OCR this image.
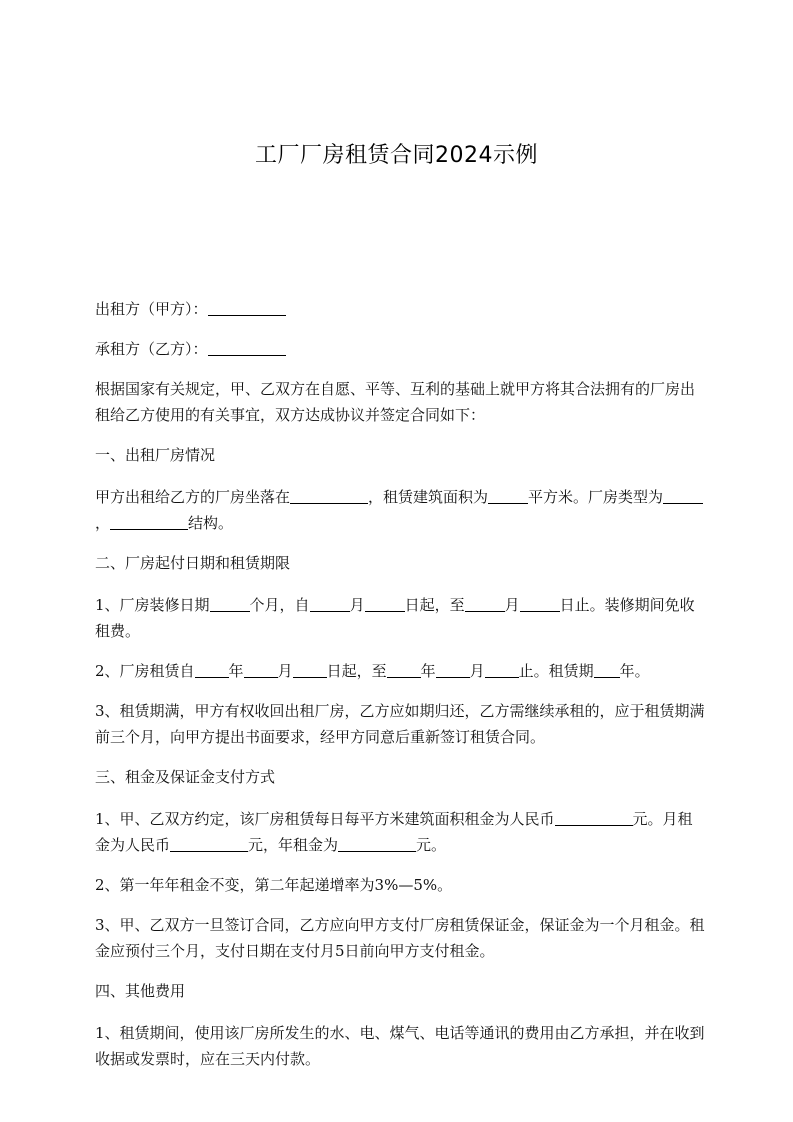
工厂厂房租赁合同2024示例

出租方（甲方）：

承租方（乙方）：

根据国家有关规定，甲、乙双方在自愿、平等、互利的基础上就甲方将其合法拥有的厂房出租给乙方使用的有关事宜，双方达成协议并签定合同如下：

一、出租厂房情况

甲方出租给乙方的厂房坐落在	，租赁建筑面积为	平方米。厂房类型为，	结构。

二、厂房起付日期和租赁期限

1、厂房装修日期	个月，自	月	日起，至	月	日止。装修期间免收租费。

2、厂房租赁自 年 月 日起，至 年 月 止。租赁期 年。

3、租赁期满，甲方有权收回出租厂房，乙方应如期归还，乙方需继续承租的，应于租赁期满前三个月，向甲方提出书面要求，经甲方同意后重新签订租赁合同。

三、租金及保证金支付方式

1、甲、乙双方约定，该厂房租赁每日每平方米建筑面积租金为人民币	元。月租金为人民币	元，年租金为	元。

2、第一年年租金不变，第二年起递增率为3%—5%。

3、甲、乙双方一旦签订合同，乙方应向甲方支付厂房租赁保证金，保证金为一个月租金。租金应预付三个月，支付日期在支付月5日前向甲方支付租金。

四、其他费用

1、租赁期间，使用该厂房所发生的水、电、煤气、电话等通讯的费用由乙方承担，并在收到收据或发票时，应在三天内付款。
